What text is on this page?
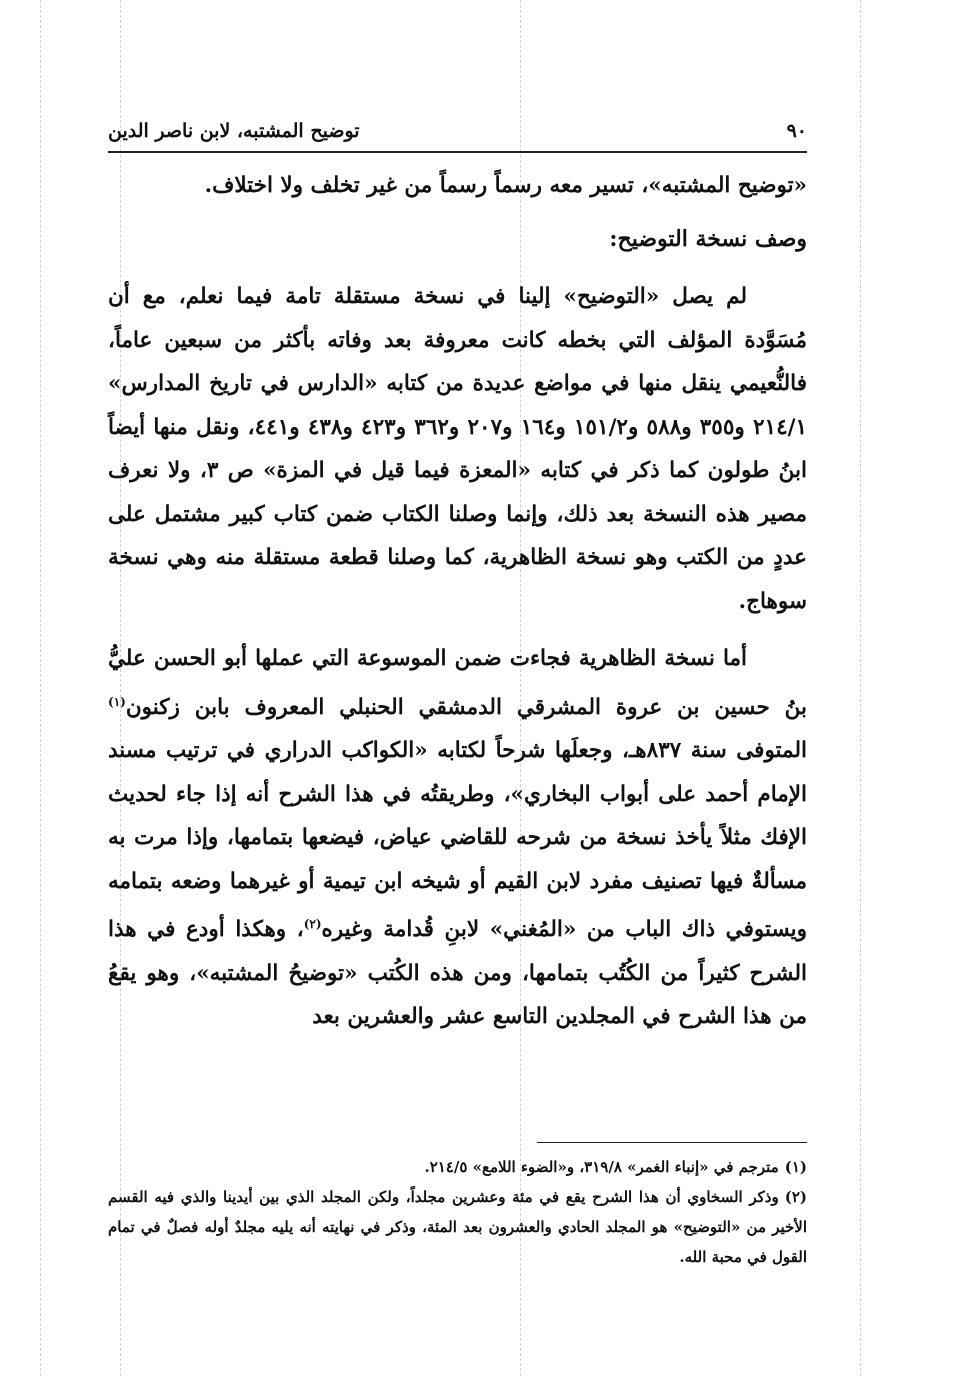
٩٠
توضيح المشتبه، لابن ناصر الدين

«توضيح المشتبه»، تسير معه رسماً رسماً من غير تخلف ولا اختلاف.

وصف نسخة التوضيح:

لم يصل «التوضيح» إلينا في نسخة مستقلة تامة فيما نعلم، مع أن مُسَوَّدة المؤلف التي بخطه كانت معروفة بعد وفاته بأكثر من سبعين عاماً، فالنُّعيمي ينقل منها في مواضع عديدة من كتابه «الدارس في تاريخ المدارس» ٢١٤/١ و٣٥٥ و٥٨٨ و١٥١/٢ و١٦٤ و٢٠٧ و٣٦٢ و٤٢٣ و٤٣٨ و٤٤١، ونقل منها أيضاً ابنُ طولون كما ذكر في كتابه «المعزة فيما قيل في المزة» ص ٣، ولا نعرف مصير هذه النسخة بعد ذلك، وإنما وصلنا الكتاب ضمن كتاب كبير مشتمل على عددٍ من الكتب وهو نسخة الظاهرية، كما وصلنا قطعة مستقلة منه وهي نسخة سوهاج.

أما نسخة الظاهرية فجاءت ضمن الموسوعة التي عملها أبو الحسن عليُّ بنُ حسين بن عروة المشرقي الدمشقي الحنبلي المعروف بابن زكنون$^{(١)}$ المتوفى سنة ٨٣٧هـ، وجعلَها شرحاً لكتابه «الكواكب الدراري في ترتيب مسند الإمام أحمد على أبواب البخاري»، وطريقتُه في هذا الشرح أنه إذا جاء لحديث الإفك مثلاً يأخذ نسخة من شرحه للقاضي عياض، فيضعها بتمامها، وإذا مرت به مسألةٌ فيها تصنيف مفرد لابن القيم أو شيخه ابن تيمية أو غيرهما وضعه بتمامه ويستوفي ذاك الباب من «المُغني» لابنِ قُدامة وغيره$^{(٢)}$، وهكذا أودع في هذا الشرح كثيراً من الكُتُب بتمامها، ومن هذه الكُتب «توضيحُ المشتبه»، وهو يقعُ من هذا الشرح في المجلدين التاسع عشر والعشرين بعد

(١)مترجم في «إنباء الغمر» ٣١٩/٨، و«الضوء اللامع» ٢١٤/٥.

(٢)وذكر السخاوي أن هذا الشرح يقع في مئة وعشرين مجلداً، ولكن المجلد الذي بين أيدينا والذي فيه القسم الأخير من «التوضيح» هو المجلد الحادي والعشرون بعد المئة، وذكر في نهايته أنه يليه مجلدٌ أوله فصلٌ في تمام القول في محبة الله.
